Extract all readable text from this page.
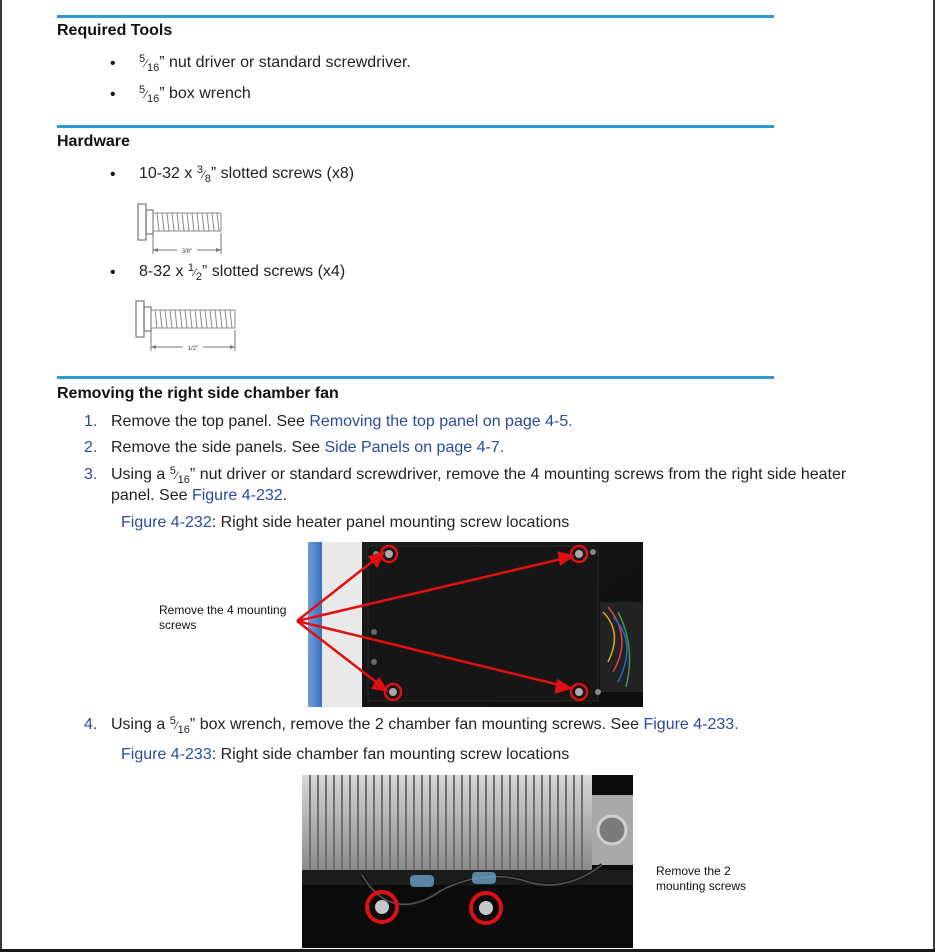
Required Tools
• $^5⁄_{16}$” nut driver or standard screwdriver.
• $^5⁄_{16}$” box wrench
Hardware
• 10-32 x $^3⁄_8$” slotted screws (x8)
3/8"
• 8-32 x $^1⁄_2$” slotted screws (x4)
1/2"
Removing the right side chamber fan
1. Remove the top panel. See Removing the top panel on page 4-5.
2. Remove the side panels. See Side Panels on page 4-7.
3. Using a $^5⁄_{16}$” nut driver or standard screwdriver, remove the 4 mounting screws from the right side heater
panel. See Figure 4-232.
Figure 4-232: Right side heater panel mounting screw locations
Remove the 4 mounting
screws
4. Using a $^5⁄_{16}$” box wrench, remove the 2 chamber fan mounting screws. See Figure 4-233.
Figure 4-233: Right side chamber fan mounting screw locations
Remove the 2
mounting screws
